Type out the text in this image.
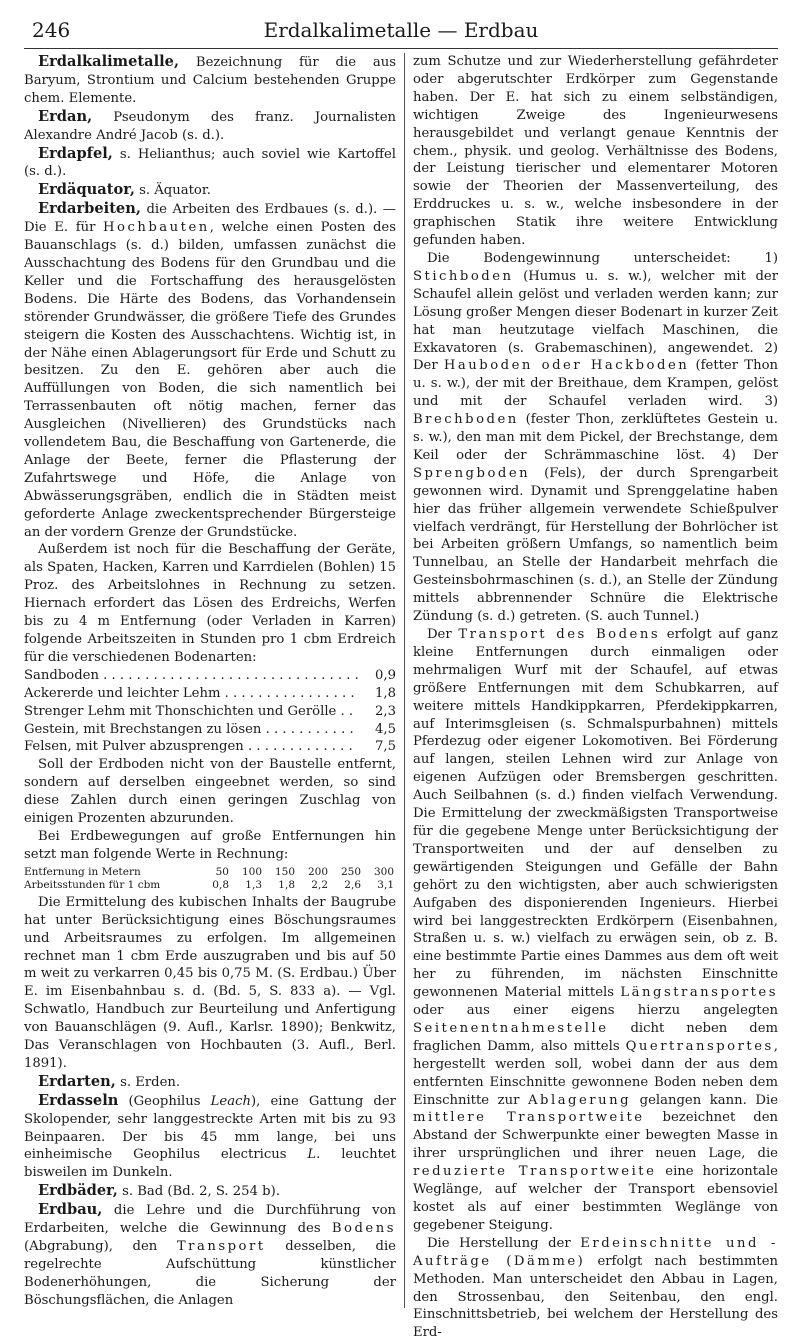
246	Erdalkalimetalle — Erdbau

Erdalkalimetalle, Bezeichnung für die aus Baryum, Strontium und Calcium bestehenden Gruppe chem. Elemente.

Erdan, Pseudonym des franz. Journalisten Alexandre André Jacob (s. d.).

Erdapfel, s. Helianthus; auch soviel wie Kartoffel (s. d.).

Erdäquator, s. Äquator.

Erdarbeiten, die Arbeiten des Erdbaues (s. d.). — Die E. für Hochbauten, welche einen Posten des Bauanschlags (s. d.) bilden, umfassen zunächst die Ausschachtung des Bodens für den Grundbau und die Keller und die Fortschaffung des herausgelösten Bodens. Die Härte des Bodens, das Vorhandensein störender Grundwässer, die größere Tiefe des Grundes steigern die Kosten des Ausschachtens. Wichtig ist, in der Nähe einen Ablagerungsort für Erde und Schutt zu besitzen. Zu den E. gehören aber auch die Auffüllungen von Boden, die sich namentlich bei Terrassenbauten oft nötig machen, ferner das Ausgleichen (Nivellieren) des Grundstücks nach vollendetem Bau, die Beschaffung von Gartenerde, die Anlage der Beete, ferner die Pflasterung der Zufahrtswege und Höfe, die Anlage von Abwässerungsgräben, endlich die in Städten meist geforderte Anlage zweckentsprechender Bürgersteige an der vordern Grenze der Grundstücke.

Außerdem ist noch für die Beschaffung der Geräte, als Spaten, Hacken, Karren und Karrdielen (Bohlen) 15 Proz. des Arbeitslohnes in Rechnung zu setzen. Hiernach erfordert das Lösen des Erdreichs, Werfen bis zu 4 m Entfernung (oder Verladen in Karren) folgende Arbeitszeiten in Stunden pro 1 cbm Erdreich für die verschiedenen Bodenarten:

Sandboden . . .	0,9
Ackererde und leichter Lehm . . .	1,8
Strenger Lehm mit Thonschichten und Gerölle . . .	2,3
Gestein, mit Brechstangen zu lösen . . .	4,5
Felsen, mit Pulver abzusprengen . . .	7,5

Soll der Erdboden nicht von der Baustelle entfernt, sondern auf derselben eingeebnet werden, so sind diese Zahlen durch einen geringen Zuschlag von einigen Prozenten abzurunden.

Bei Erdbewegungen auf große Entfernungen hin setzt man folgende Werte in Rechnung:

Entfernung in Metern	50	100	150	200	250	300
Arbeitsstunden für 1 cbm	0,8	1,3	1,8	2,2	2,6	3,1

Die Ermittelung des kubischen Inhalts der Baugrube hat unter Berücksichtigung eines Böschungsraumes und Arbeitsraumes zu erfolgen. Im allgemeinen rechnet man 1 cbm Erde auszugraben und bis auf 50 m weit zu verkarren 0,45 bis 0,75 M. (S. Erdbau.) Über E. im Eisenbahnbau s. d. (Bd. 5, S. 833 a). — Vgl. Schwatlo, Handbuch zur Beurteilung und Anfertigung von Bauanschlägen (9. Aufl., Karlsr. 1890); Benkwitz, Das Veranschlagen von Hochbauten (3. Aufl., Berl. 1891).

Erdarten, s. Erden.

Erdasseln (Geophilus Leach), eine Gattung der Skolopender, sehr langgestreckte Arten mit bis zu 93 Beinpaaren. Der bis 45 mm lange, bei uns einheimische Geophilus electricus L. leuchtet bisweilen im Dunkeln.

Erdbäder, s. Bad (Bd. 2, S. 254 b).

Erdbau, die Lehre und die Durchführung von Erdarbeiten, welche die Gewinnung des Bodens (Abgrabung), den Transport desselben, die regelrechte Aufschüttung künstlicher Bodenerhöhungen, die Sicherung der Böschungsflächen, die Anlagen

zum Schutze und zur Wiederherstellung gefährdeter oder abgerutschter Erdkörper zum Gegenstande haben. Der E. hat sich zu einem selbständigen, wichtigen Zweige des Ingenieurwesens herausgebildet und verlangt genaue Kenntnis der chem., physik. und geolog. Verhältnisse des Bodens, der Leistung tierischer und elementarer Motoren sowie der Theorien der Massenverteilung, des Erddruckes u. s. w., welche insbesondere in der graphischen Statik ihre weitere Entwicklung gefunden haben.

Die Bodengewinnung unterscheidet: 1) Stichboden (Humus u. s. w.), welcher mit der Schaufel allein gelöst und verladen werden kann; zur Lösung großer Mengen dieser Bodenart in kurzer Zeit hat man heutzutage vielfach Maschinen, die Exkavatoren (s. Grabemaschinen), angewendet. 2) Der Hauboden oder Hackboden (fetter Thon u. s. w.), der mit der Breithaue, dem Krampen, gelöst und mit der Schaufel verladen wird. 3) Brechboden (fester Thon, zerklüftetes Gestein u. s. w.), den man mit dem Pickel, der Brechstange, dem Keil oder der Schrämmaschine löst. 4) Der Sprengboden (Fels), der durch Sprengarbeit gewonnen wird. Dynamit und Sprenggelatine haben hier das früher allgemein verwendete Schießpulver vielfach verdrängt, für Herstellung der Bohrlöcher ist bei Arbeiten größern Umfangs, so namentlich beim Tunnelbau, an Stelle der Handarbeit mehrfach die Gesteinsbohrmaschinen (s. d.), an Stelle der Zündung mittels abbrennender Schnüre die Elektrische Zündung (s. d.) getreten. (S. auch Tunnel.)

Der Transport des Bodens erfolgt auf ganz kleine Entfernungen durch einmaligen oder mehrmaligen Wurf mit der Schaufel, auf etwas größere Entfernungen mit dem Schubkarren, auf weitere mittels Handkippkarren, Pferdekippkarren, auf Interimsgleisen (s. Schmalspurbahnen) mittels Pferdezug oder eigener Lokomotiven. Bei Förderung auf langen, steilen Lehnen wird zur Anlage von eigenen Aufzügen oder Bremsbergen geschritten. Auch Seilbahnen (s. d.) finden vielfach Verwendung. Die Ermittelung der zweckmäßigsten Transportweise für die gegebene Menge unter Berücksichtigung der Transportweiten und der auf denselben zu gewärtigenden Steigungen und Gefälle der Bahn gehört zu den wichtigsten, aber auch schwierigsten Aufgaben des disponierenden Ingenieurs. Hierbei wird bei langgestreckten Erdkörpern (Eisenbahnen, Straßen u. s. w.) vielfach zu erwägen sein, ob z. B. eine bestimmte Partie eines Dammes aus dem oft weit her zu führenden, im nächsten Einschnitte gewonnenen Material mittels Längstransportes oder aus einer eigens hierzu angelegten Seitenentnahmestelle dicht neben dem fraglichen Damm, also mittels Quertransportes, hergestellt werden soll, wobei dann der aus dem entfernten Einschnitte gewonnene Boden neben dem Einschnitte zur Ablagerung gelangen kann. Die mittlere Transportweite bezeichnet den Abstand der Schwerpunkte einer bewegten Masse in ihrer ursprünglichen und ihrer neuen Lage, die reduzierte Transportweite eine horizontale Weglänge, auf welcher der Transport ebensoviel kostet als auf einer bestimmten Weglänge von gegebener Steigung.

Die Herstellung der Erdeinschnitte und -Aufträge (Dämme) erfolgt nach bestimmten Methoden. Man unterscheidet den Abbau in Lagen, den Strossenbau, den Seitenbau, den engl. Einschnittsbetrieb, bei welchem der Herstellung des Erd-
